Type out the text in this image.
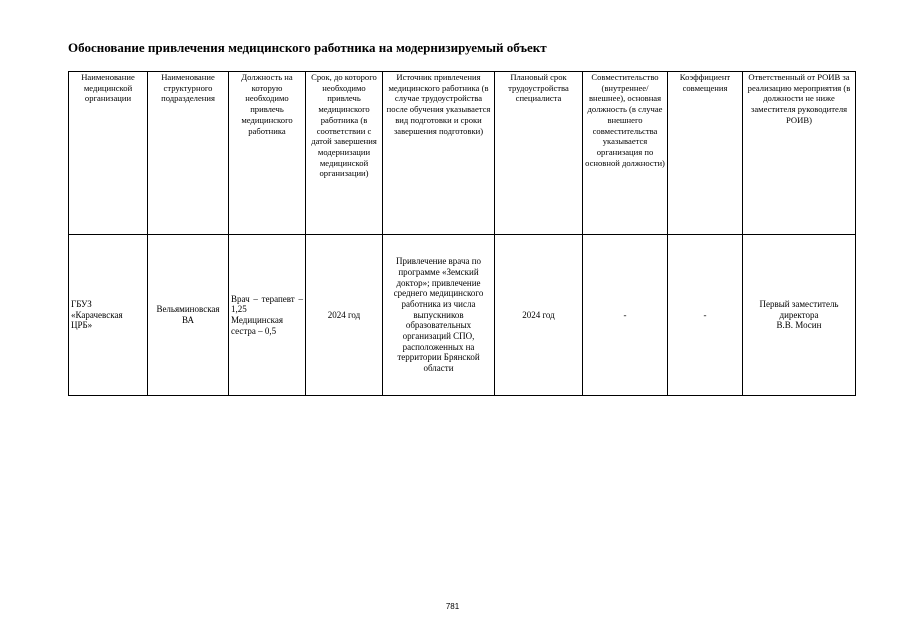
Обоснование привлечения медицинского работника на модернизируемый объект
Наименование медицинской организации	Наименование структурного подразделения	Должность на которую необходимо привлечь медицинского работника	Срок, до которого необходимо привлечь медицинского работника (в соответствии с датой завершения модернизации медицинской организации)	Источник привлечения медицинского работника (в случае трудоустройства после обучения указывается вид подготовки и сроки завершения подготовки)	Плановый срок трудоустройства специалиста	Совместительство (внутреннее/внешнее), основная должность (в случае внешнего совместительства указывается организация по основной должности)	Коэффициент совмещения	Ответственный от РОИВ за реализацию мероприятия (в должности не ниже заместителя руководителя РОИВ)

ГБУЗ «Карачевская ЦРБ»	Вельяминовская ВА	Врач – терапевт – 1,25
Медицинская сестра – 0,5	2024 год	Привлечение врача по программе «Земский доктор»; привлечение среднего медицинского работника из числа выпускников образовательных организаций СПО, расположенных на территории Брянской области	2024 год	-	-	Первый заместитель директора
В.В. Мосин
781
